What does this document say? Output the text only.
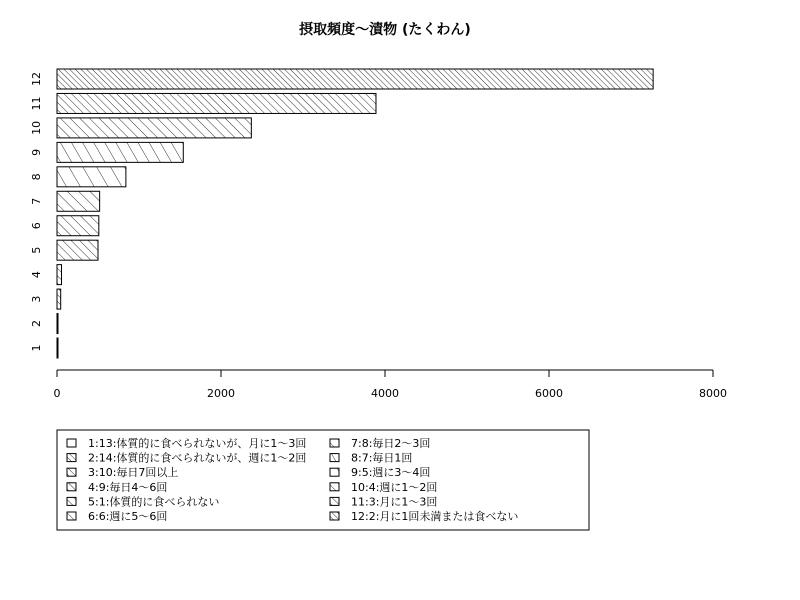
摂取頻度～漬物 (たくわん)
1
2
3
4
5
6
7
8
9
10
11
12
0	2000	4000	6000	8000
1:13:体質的に食べられないが、月に1～3回
2:14:体質的に食べられないが、週に1～2回
3:10:毎日7回以上
4:9:毎日4～6回
5:1:体質的に食べられない
6:6:週に5～6回
7:8:毎日2～3回
8:7:毎日1回
9:5:週に3～4回
10:4:週に1～2回
11:3:月に1～3回
12:2:月に1回未満または食べない
